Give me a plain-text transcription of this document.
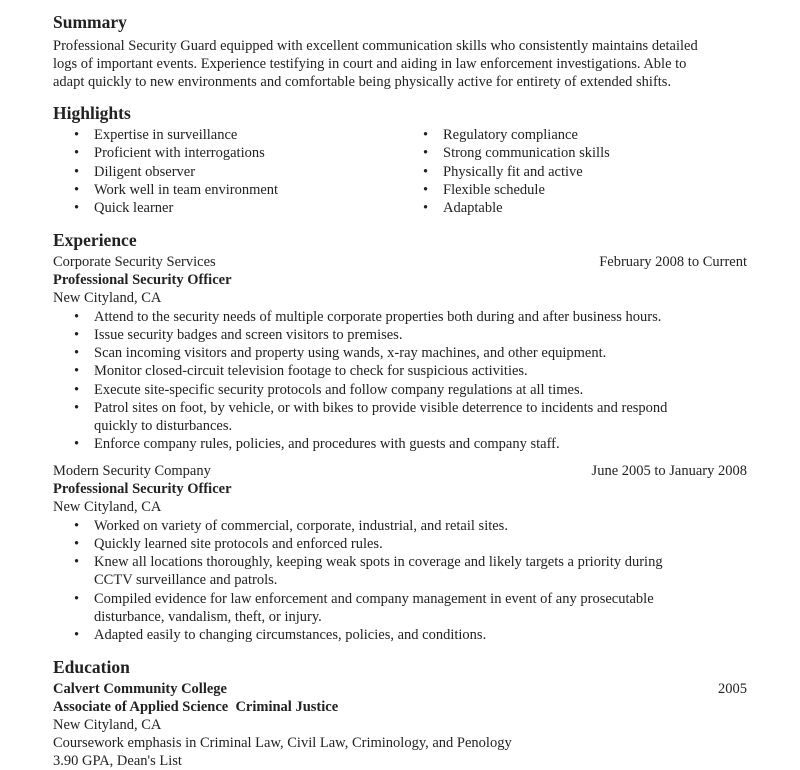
Summary
Professional Security Guard equipped with excellent communication skills who consistently maintains detailed
logs of important events. Experience testifying in court and aiding in law enforcement investigations. Able to
adapt quickly to new environments and comfortable being physically active for entirety of extended shifts.
Highlights
• Expertise in surveillance
• Proficient with interrogations
• Diligent observer
• Work well in team environment
• Quick learner
• Regulatory compliance
• Strong communication skills
• Physically fit and active
• Flexible schedule
• Adaptable
Experience
Corporate Security Services	February 2008 to Current
Professional Security Officer
New Cityland, CA
• Attend to the security needs of multiple corporate properties both during and after business hours.
• Issue security badges and screen visitors to premises.
• Scan incoming visitors and property using wands, x-ray machines, and other equipment.
• Monitor closed-circuit television footage to check for suspicious activities.
• Execute site-specific security protocols and follow company regulations at all times.
• Patrol sites on foot, by vehicle, or with bikes to provide visible deterrence to incidents and respond
quickly to disturbances.
• Enforce company rules, policies, and procedures with guests and company staff.
Modern Security Company	June 2005 to January 2008
Professional Security Officer
New Cityland, CA
• Worked on variety of commercial, corporate, industrial, and retail sites.
• Quickly learned site protocols and enforced rules.
• Knew all locations thoroughly, keeping weak spots in coverage and likely targets a priority during
CCTV surveillance and patrols.
• Compiled evidence for law enforcement and company management in event of any prosecutable
disturbance, vandalism, theft, or injury.
• Adapted easily to changing circumstances, policies, and conditions.
Education
Calvert Community College	2005
Associate of Applied Science  Criminal Justice
New Cityland, CA
Coursework emphasis in Criminal Law, Civil Law, Criminology, and Penology
3.90 GPA, Dean's List
